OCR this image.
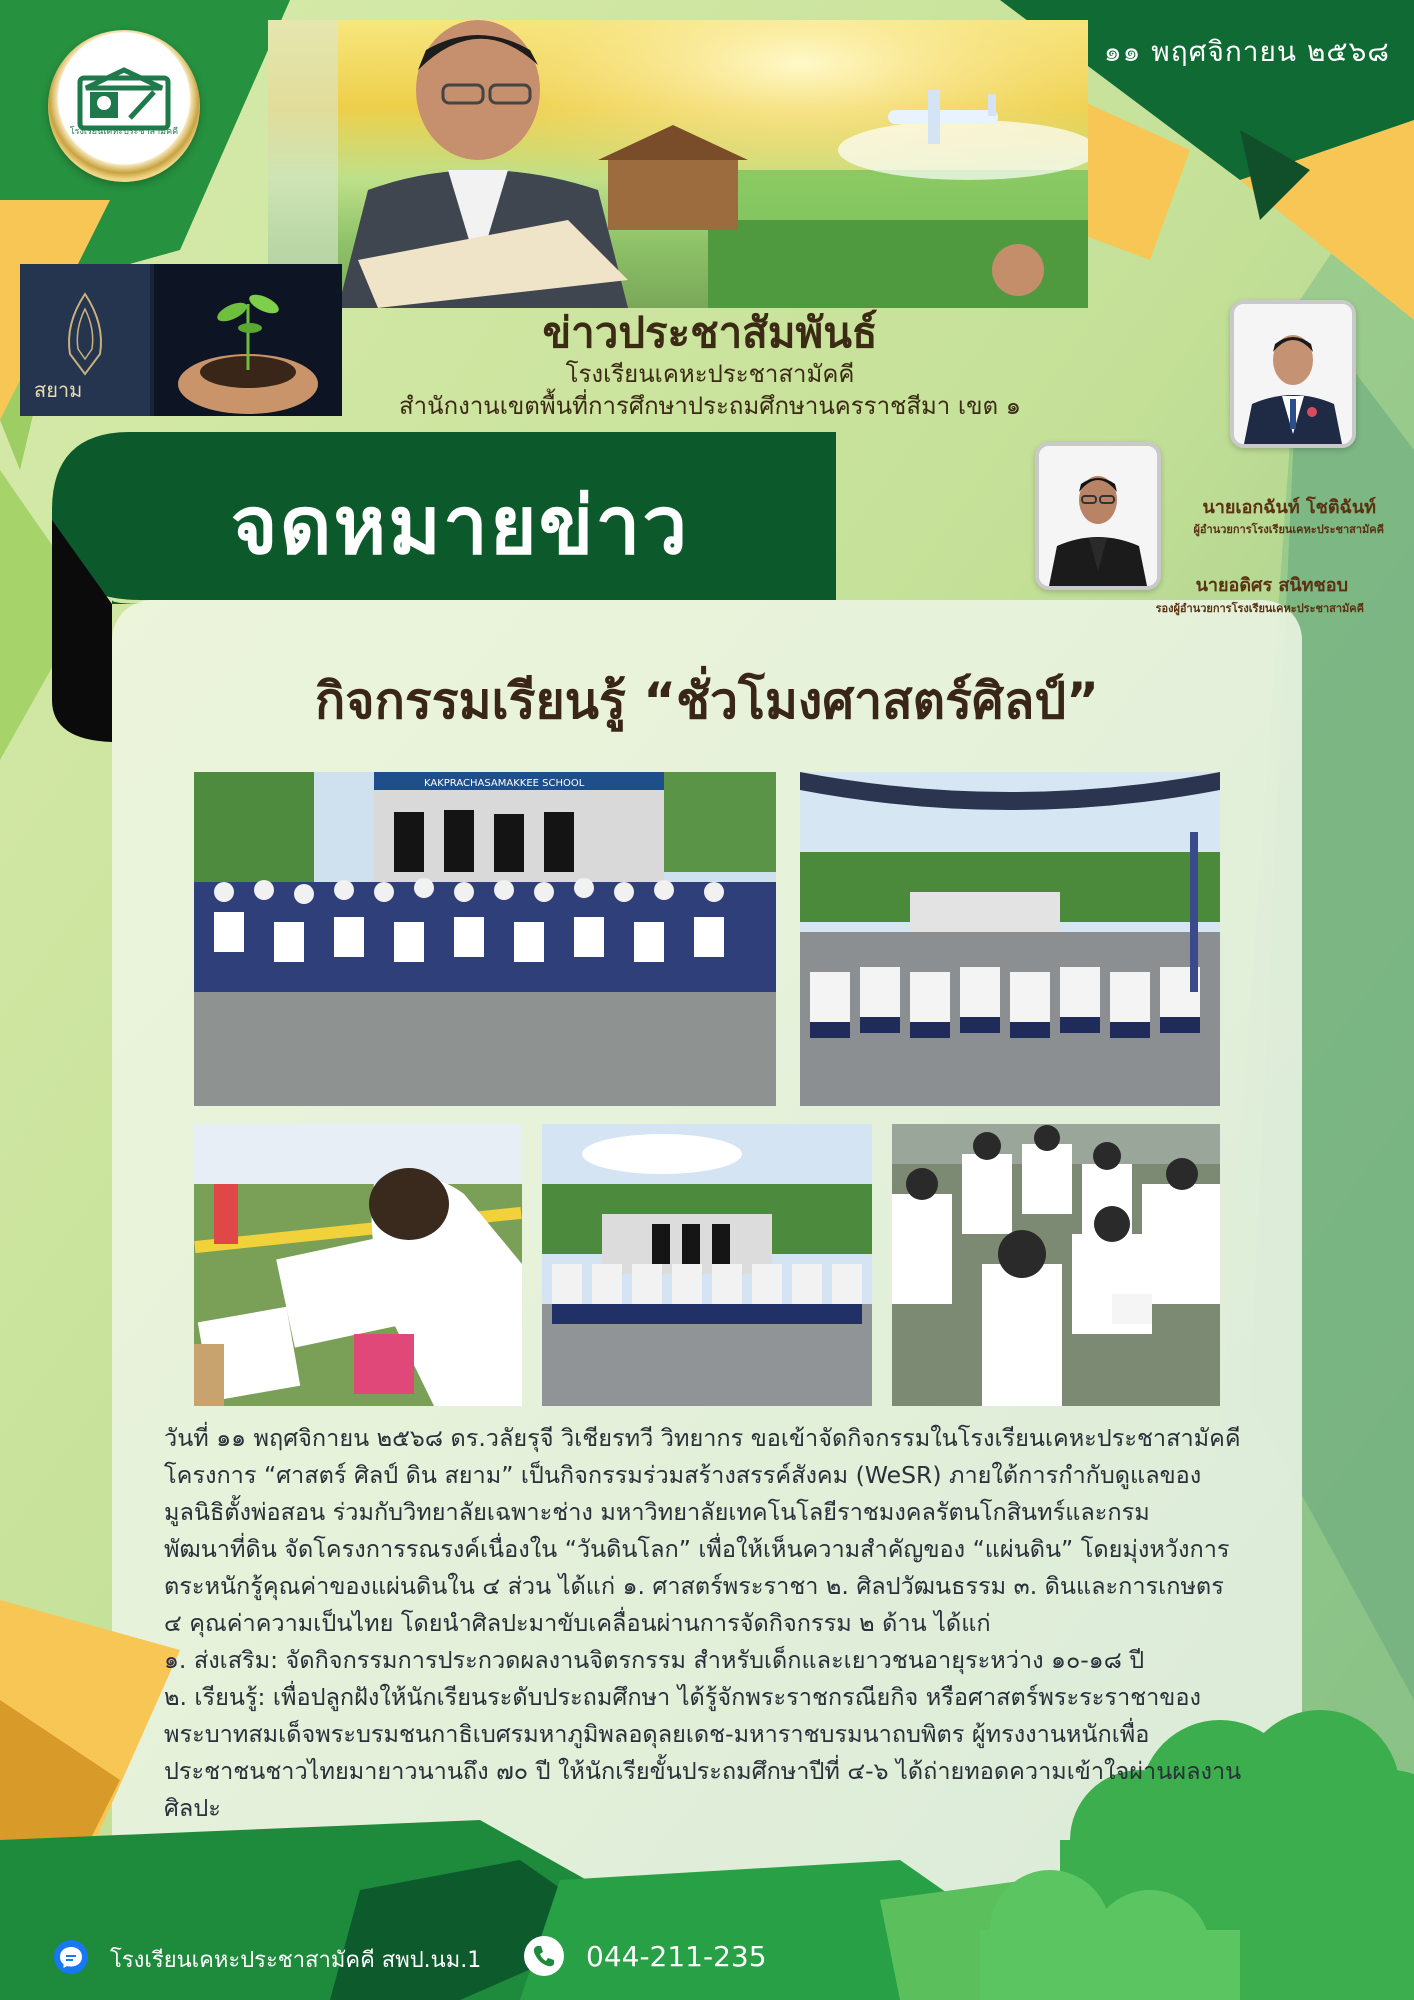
โรงเรียนเคหะประชาสามัคคี
๑๑ พฤศจิกายน ๒๕๖๘
สยาม
ข่าวประชาสัมพันธ์
โรงเรียนเคหะประชาสามัคคี
สำนักงานเขตพื้นที่การศึกษาประถมศึกษานครราชสีมา เขต ๑
นายเอกฉันท์ โชติฉันท์
ผู้อำนวยการโรงเรียนเคหะประชาสามัคคี
นายอดิศร สนิทชอบ
รองผู้อำนวยการโรงเรียนเคหะประชาสามัคคี
จดหมายข่าว
กิจกรรมเรียนรู้ “ชั่วโมงศาสตร์ศิลป์”
KAKPRACHASAMAKKEE SCHOOL

วันที่ ๑๑ พฤศจิกายน ๒๕๖๘ ดร.วลัยรุจี วิเชียรทวี วิทยากร ขอเข้าจัดกิจกรรมในโรงเรียนเคหะประชาสามัคคี

โครงการ “ศาสตร์ ศิลป์ ดิน สยาม” เป็นกิจกรรมร่วมสร้างสรรค์สังคม (WeSR) ภายใต้การกำกับดูแลของ

มูลนิธิตั้งพ่อสอน ร่วมกับวิทยาลัยเฉพาะช่าง มหาวิทยาลัยเทคโนโลยีราชมงคลรัตนโกสินทร์และกรม

พัฒนาที่ดิน จัดโครงการรณรงค์เนื่องใน “วันดินโลก” เพื่อให้เห็นความสำคัญของ “แผ่นดิน” โดยมุ่งหวังการ

ตระหนักรู้คุณค่าของแผ่นดินใน ๔ ส่วน ได้แก่ ๑. ศาสตร์พระราชา ๒. ศิลปวัฒนธรรม ๓. ดินและการเกษตร

๔ คุณค่าความเป็นไทย โดยนำศิลปะมาขับเคลื่อนผ่านการจัดกิจกรรม ๒ ด้าน ได้แก่

๑. ส่งเสริม: จัดกิจกรรมการประกวดผลงานจิตรกรรม สำหรับเด็กและเยาวชนอายุระหว่าง ๑๐-๑๘ ปี

๒. เรียนรู้: เพื่อปลูกฝังให้นักเรียนระดับประถมศึกษา ได้รู้จักพระราชกรณียกิจ หรือศาสตร์พระระราชาของ

พระบาทสมเด็จพระบรมชนกาธิเบศรมหาภูมิพลอดุลยเดช-มหาราชบรมนาถบพิตร ผู้ทรงงานหนักเพื่อ

ประชาชนชาวไทยมายาวนานถึง ๗๐ ปี ให้นักเรียขั้นประถมศึกษาปีที่ ๔-๖ ได้ถ่ายทอดความเข้าใจผ่านผลงาน

ศิลปะ

โรงเรียนเคหะประชาสามัคคี สพป.นม.1	044-211-235
